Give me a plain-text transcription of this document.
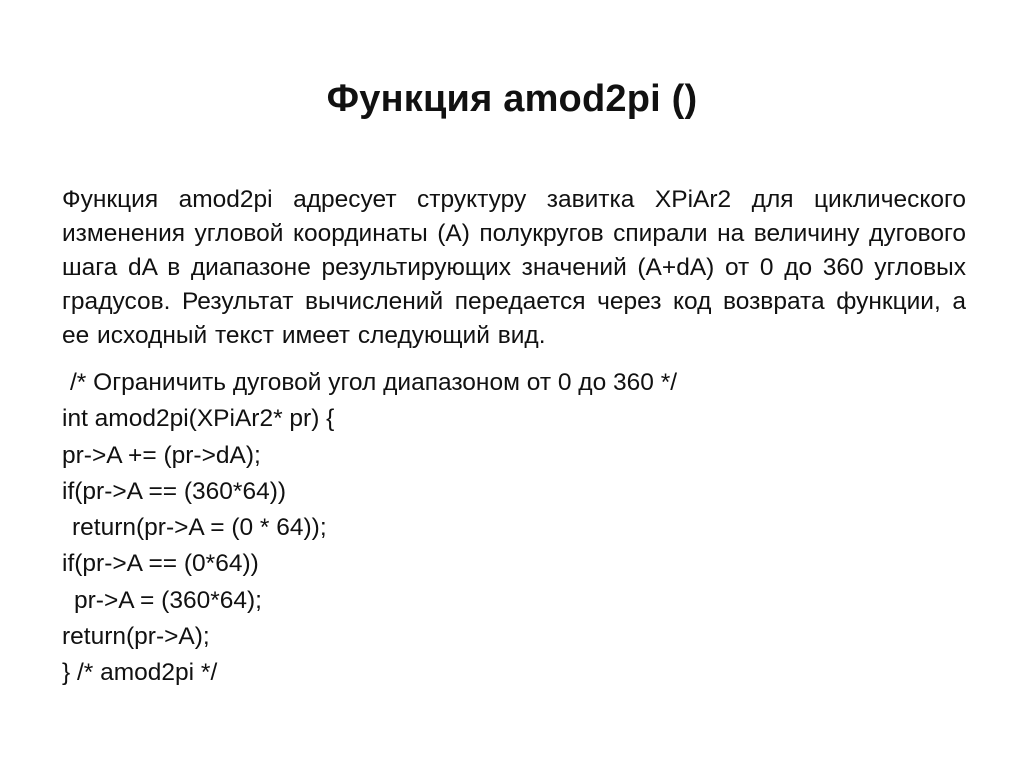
Функция amod2pi ()

Функция amod2pi адресует структуру завитка XPiAr2 для циклического изменения угловой координаты (A) полукругов спирали на величину дугового шага dA в диапазоне результирующих значений (A+dA) от 0 до 360 угловых градусов. Результат вычислений передается через код возврата функции, а ее исходный текст имеет следующий вид.

/* Ограничить дуговой угол диапазоном от 0 до 360 */
int amod2pi(XPiAr2* pr) {
pr->A += (pr->dA);
if(pr->A == (360*64))
return(pr->A = (0 * 64));
if(pr->A == (0*64))
pr->A = (360*64);
return(pr->A);
} /* amod2pi */
